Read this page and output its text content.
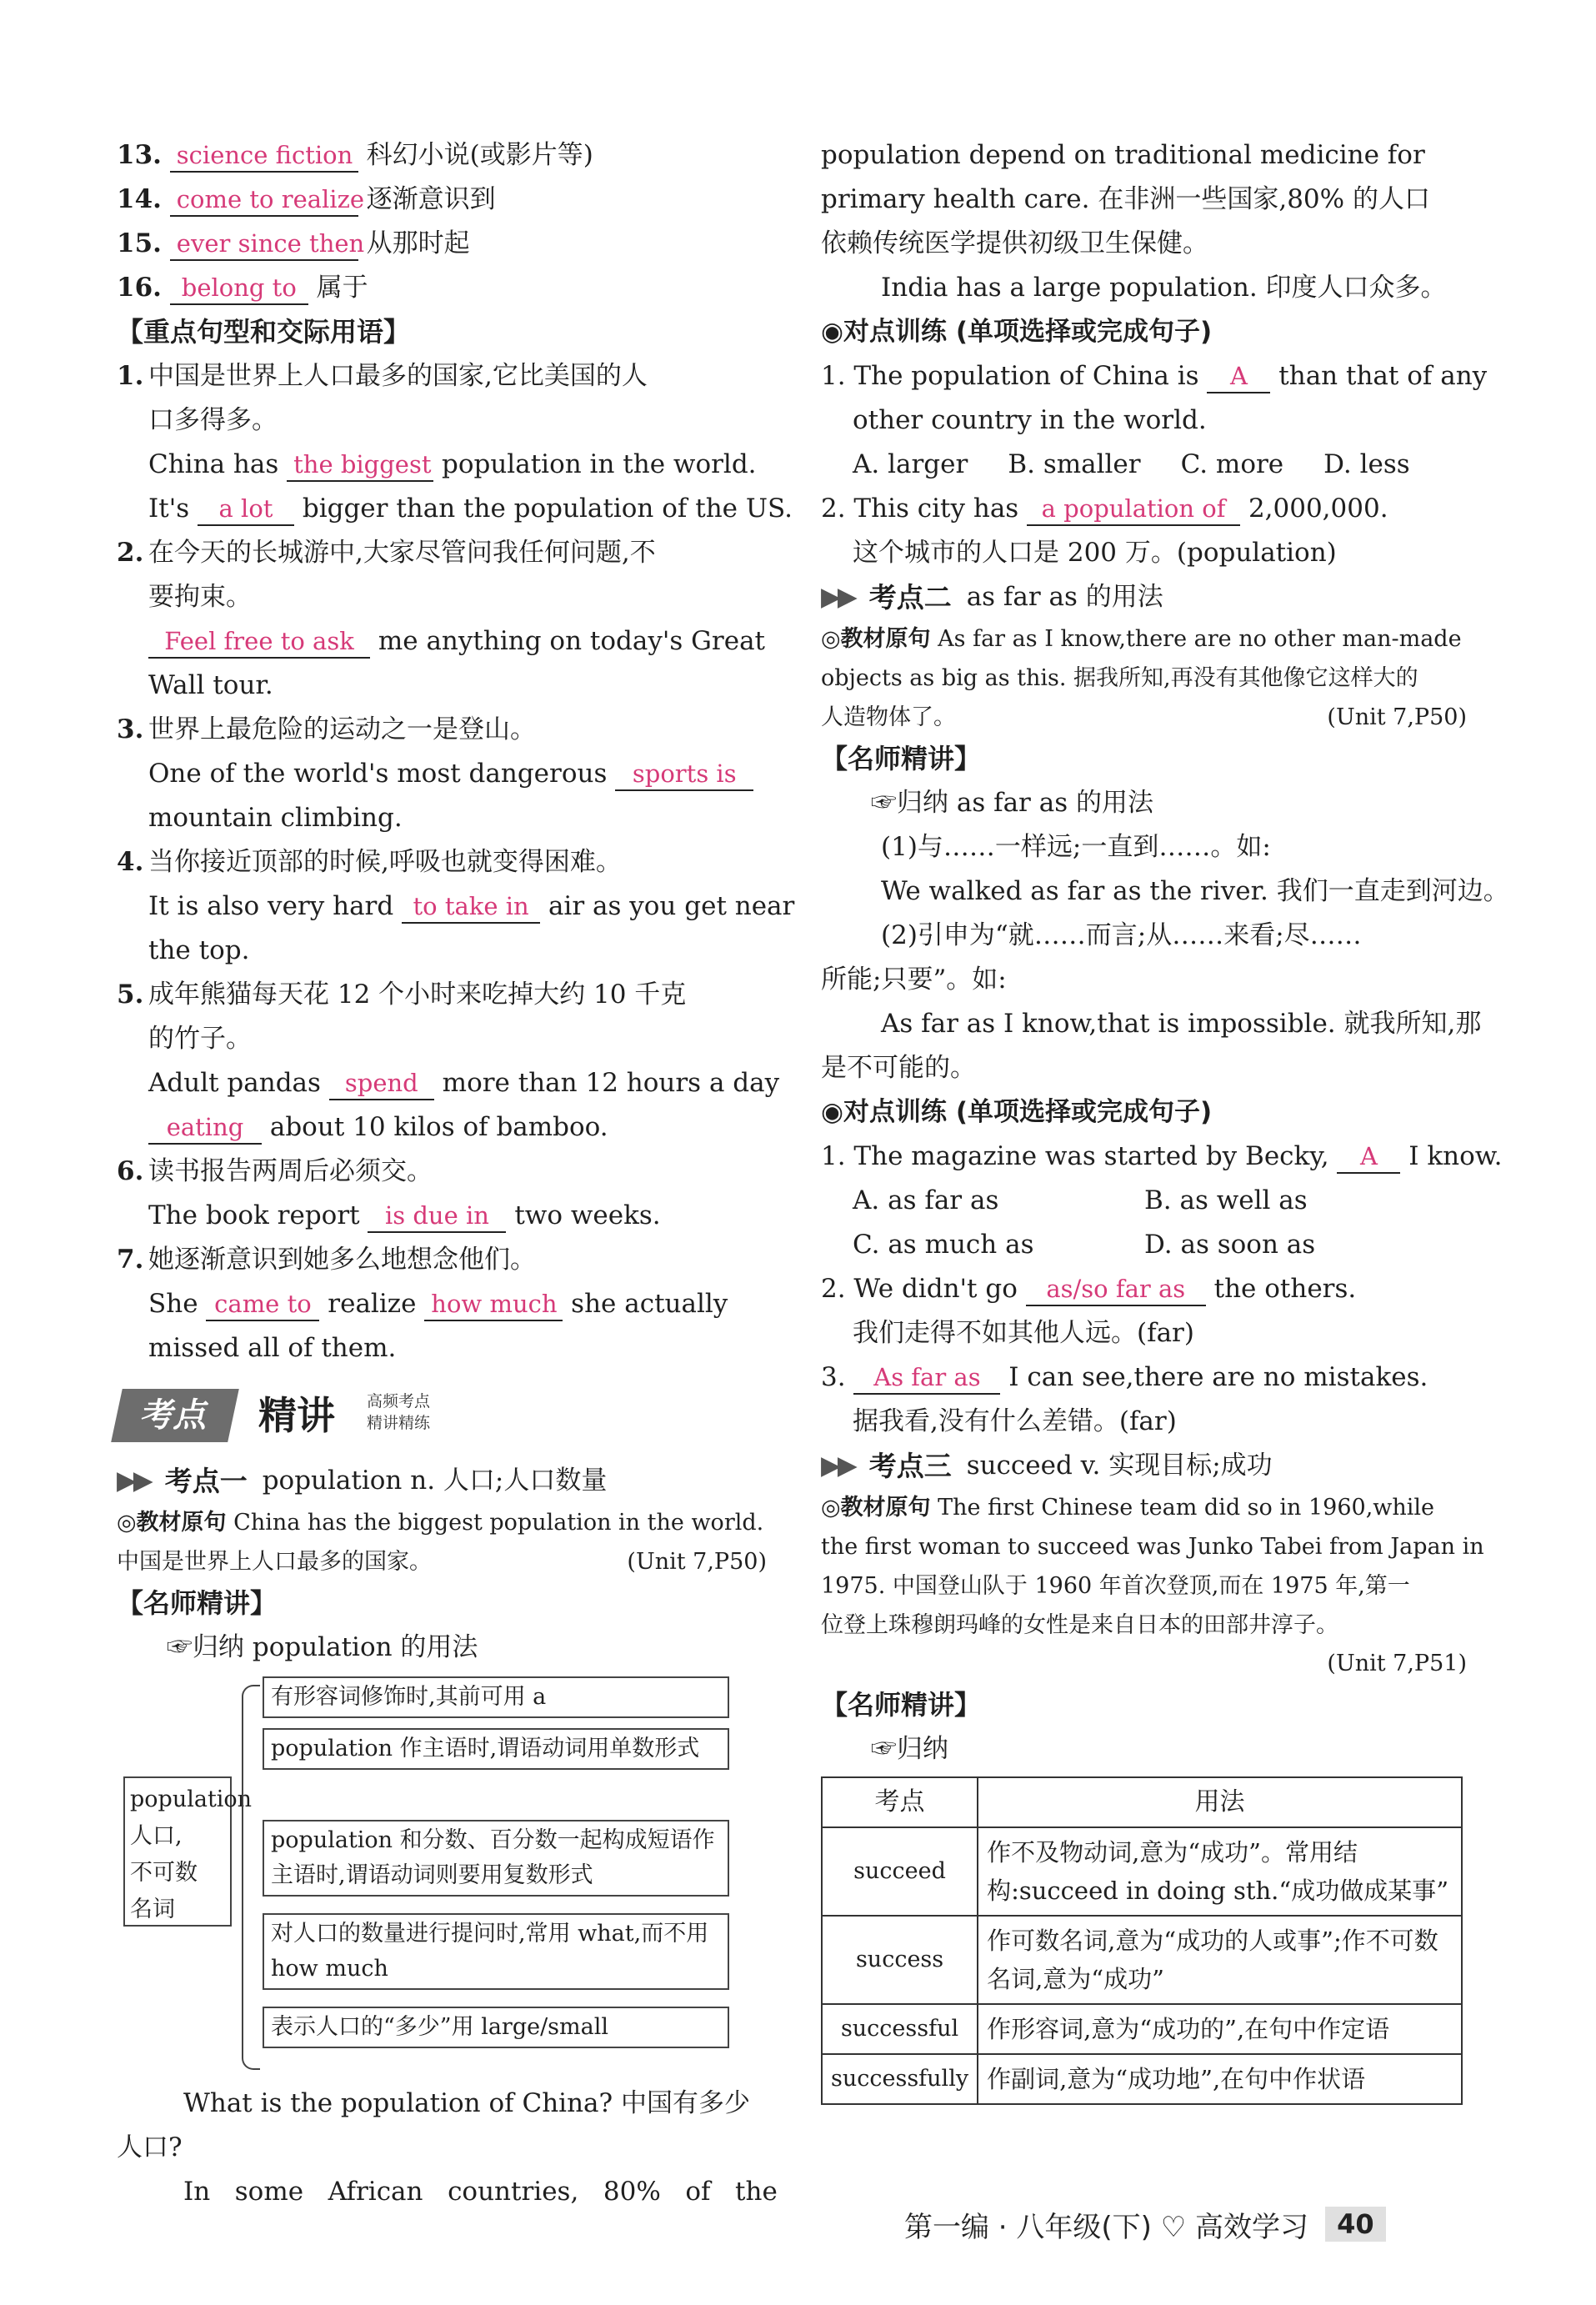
13. science fiction 科幻小说(或影片等)
14. come to realize 逐渐意识到
15. ever since then 从那时起
16. belong to 属于
【重点句型和交际用语】
1. 中国是世界上人口最多的国家,它比美国的人
口多得多。
China has the biggest population in the world.
It's a lot bigger than the population of the US.
2. 在今天的长城游中,大家尽管问我任何问题,不
要拘束。
Feel free to ask me anything on today's Great
Wall tour.
3. 世界上最危险的运动之一是登山。
One of the world's most dangerous sports is
mountain climbing.
4. 当你接近顶部的时候,呼吸也就变得困难。
It is also very hard to take in air as you get near
the top.
5. 成年熊猫每天花 12 个小时来吃掉大约 10 千克
的竹子。
Adult pandas spend more than 12 hours a day
eating about 10 kilos of bamboo.
6. 读书报告两周后必须交。
The book report is due in two weeks.
7. 她逐渐意识到她多么地想念他们。
She came to realize how much she actually
missed all of them.
考点	精讲 高频考点
精讲精练
▶▶ 考点一 population n. 人口;人口数量
◎教材原句 China has the biggest population in the world.
中国是世界上人口最多的国家。	(Unit 7,P50)
【名师精讲】
☞归纳 population 的用法
population
人口,
不可数
名词
有形容词修饰时,其前可用 a
population 作主语时,谓语动词用单数形式
population 和分数、百分数一起构成短语作主语时,谓语动词则要用复数形式
对人口的数量进行提问时,常用 what,而不用 how much
表示人口的“多少”用 large/small
What is the population of China? 中国有多少
人口?
In   some   African   countries,   80%   of   the
population depend on traditional medicine for
primary health care. 在非洲一些国家,80% 的人口
依赖传统医学提供初级卫生保健。
India has a large population. 印度人口众多。
◉对点训练 (单项选择或完成句子)
1. The population of China is A than that of any
other country in the world.
A. larger B. smaller C. more D. less
2. This city has a population of 2,000,000.
这个城市的人口是 200 万。(population)
▶▶ 考点二 as far as 的用法
◎教材原句 As far as I know,there are no other man-made
objects as big as this. 据我所知,再没有其他像它这样大的
人造物体了。	(Unit 7,P50)
【名师精讲】
☞归纳 as far as 的用法
(1)与……一样远;一直到……。如:
We walked as far as the river. 我们一直走到河边。
(2)引申为“就……而言;从……来看;尽……
所能;只要”。如:
As far as I know,that is impossible. 就我所知,那
是不可能的。
◉对点训练 (单项选择或完成句子)
1. The magazine was started by Becky, A I know.
A. as far as	B. as well as
C. as much as	D. as soon as
2. We didn't go as/so far as the others.
我们走得不如其他人远。(far)
3. As far as I can see,there are no mistakes.
据我看,没有什么差错。(far)
▶▶ 考点三 succeed v. 实现目标;成功
◎教材原句 The first Chinese team did so in 1960,while
the first woman to succeed was Junko Tabei from Japan in
1975. 中国登山队于 1960 年首次登顶,而在 1975 年,第一
位登上珠穆朗玛峰的女性是来自日本的田部井淳子。
(Unit 7,P51)
【名师精讲】
☞归纳
考点	用法
succeed	作不及物动词,意为“成功”。常用结构:succeed in doing sth.“成功做成某事”
success	作可数名词,意为“成功的人或事”;作不可数名词,意为“成功”
successful	作形容词,意为“成功的”,在句中作定语
successfully	作副词,意为“成功地”,在句中作状语
第一编 · 八年级(下) ♡ 高效学习	40
